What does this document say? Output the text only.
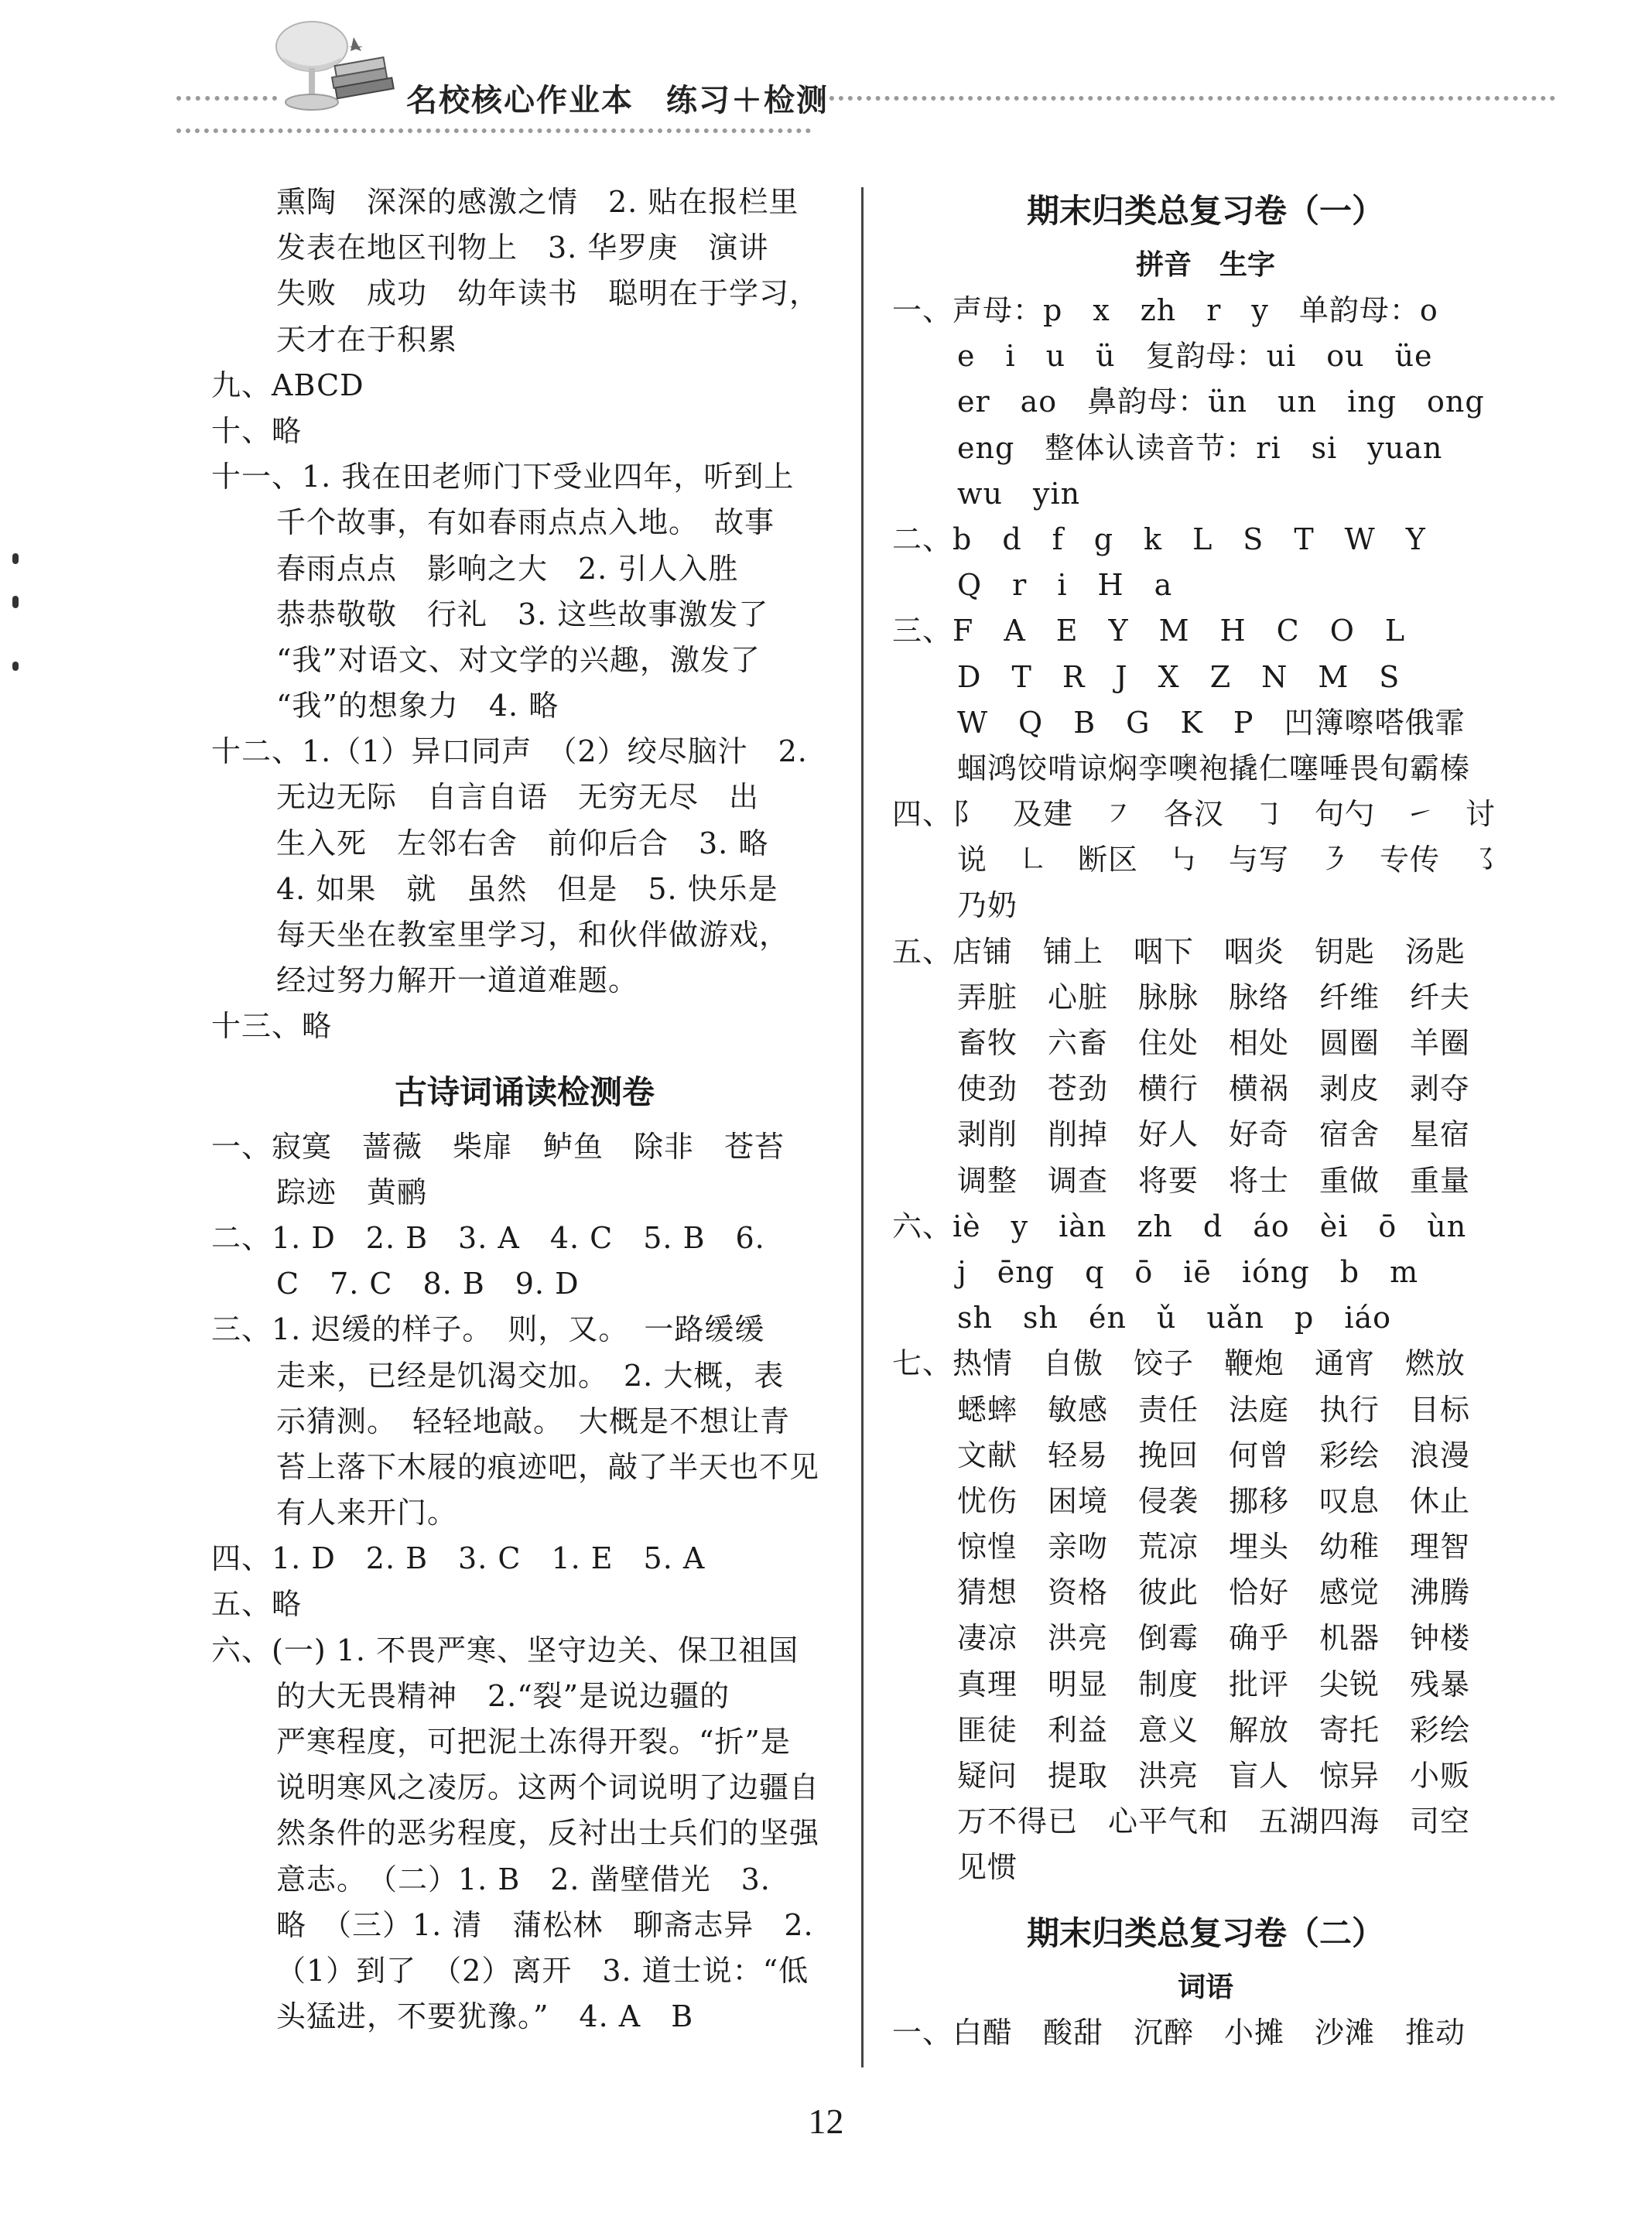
名校核心作业本　练习＋检测
熏陶　深深的感激之情　2. 贴在报栏里
发表在地区刊物上　3. 华罗庚　演讲
失败　成功　幼年读书　聪明在于学习，
天才在于积累
九、ABCD
十、略
十一、1. 我在田老师门下受业四年，听到上
千个故事，有如春雨点点入地。　故事
春雨点点　影响之大　2. 引人入胜
恭恭敬敬　行礼　3. 这些故事激发了
“我”对语文、对文学的兴趣，激发了
“我”的想象力　4. 略
十二、1.（1）异口同声　（2）绞尽脑汁　2.
无边无际　自言自语　无穷无尽　出
生入死　左邻右舍　前仰后合　3. 略
4. 如果　就　虽然　但是　5. 快乐是
每天坐在教室里学习，和伙伴做游戏，
经过努力解开一道道难题。
十三、略
古诗词诵读检测卷
一、寂寞　蔷薇　柴扉　鲈鱼　除非　苍苔
踪迹　黄鹂
二、1. D　2. B　3. A　4. C　5. B　6.
C　7. C　8. B　9. D
三、1. 迟缓的样子。　则，又。　一路缓缓
走来，已经是饥渴交加。　2. 大概，表
示猜测。　轻轻地敲。　大概是不想让青
苔上落下木屐的痕迹吧，敲了半天也不见
有人来开门。
四、1. D　2. B　3. C　1. E　5. A
五、略
六、(一) 1. 不畏严寒、坚守边关、保卫祖国
的大无畏精神　2.“裂”是说边疆的
严寒程度，可把泥土冻得开裂。“折”是
说明寒风之凌厉。这两个词说明了边疆自
然条件的恶劣程度，反衬出士兵们的坚强
意志。　（二）1. B　2. 凿壁借光　3.
略　（三）1. 清　蒲松林　聊斋志异　2.
（1）到了　（2）离开　3. 道士说：“低
头猛进，不要犹豫。”　4. A　B
期末归类总复习卷（一）
拼音　生字
一、声母：p　x　zh　r　y　单韵母：o
e　i　u　ü　复韵母：ui　ou　üe
er　ao　鼻韵母：ün　un　ing　ong
eng　整体认读音节：ri　si　yuan
wu　yin
二、b　d　f　g　k　L　S　T　W　Y
Q　r　i　H　a
三、F　A　E　Y　M　H　C　O　L
D　T　R　J　X　Z　N　M　S
W　Q　B　G　K　P　凹簿嚓嗒俄霏
蝈鸿饺啃谅焖孪噢袍撬仁噻唾畏旬霸榛
四、阝　及建　㇇　各汉　㇆　句勺　㇀　讨
说　㇗　断区　㇉　与写　㇋　专传　㇌
乃奶
五、店铺　铺上　咽下　咽炎　钥匙　汤匙
弄脏　心脏　脉脉　脉络　纤维　纤夫
畜牧　六畜　住处　相处　圆圈　羊圈
使劲　苍劲　横行　横祸　剥皮　剥夺
剥削　削掉　好人　好奇　宿舍　星宿
调整　调查　将要　将士　重做　重量
六、iè　y　iàn　zh　d　áo　èi　ō　ùn
j　ēng　q　ō　iē　ióng　b　m
sh　sh　én　ǔ　uǎn　p　iáo
七、热情　自傲　饺子　鞭炮　通宵　燃放
蟋蟀　敏感　责任　法庭　执行　目标
文献　轻易　挽回　何曾　彩绘　浪漫
忧伤　困境　侵袭　挪移　叹息　休止
惊惶　亲吻　荒凉　埋头　幼稚　理智
猜想　资格　彼此　恰好　感觉　沸腾
凄凉　洪亮　倒霉　确乎　机器　钟楼
真理　明显　制度　批评　尖锐　残暴
匪徒　利益　意义　解放　寄托　彩绘
疑问　提取　洪亮　盲人　惊异　小贩
万不得已　心平气和　五湖四海　司空
见惯
期末归类总复习卷（二）
词语
一、白醋　酸甜　沉醉　小摊　沙滩　推动
12
